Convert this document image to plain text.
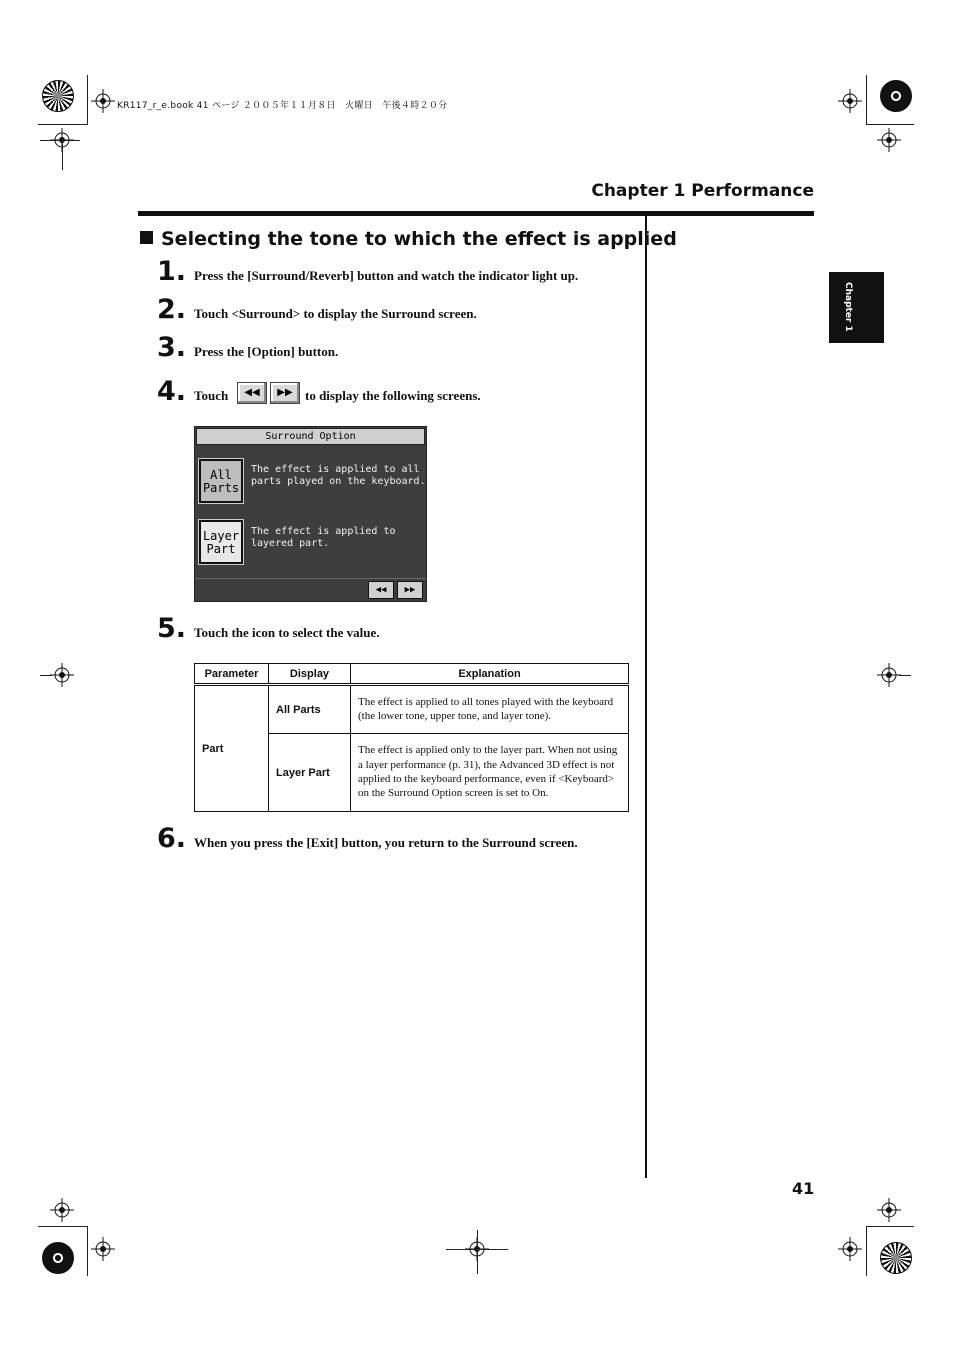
KR117_r_e.book 41 ページ ２００５年１１月８日　火曜日　午後４時２０分
Chapter 1 Performance
Chapter 1
Selecting the tone to which the effect is applied
1. Press the [Surround/Reverb] button and watch the indicator light up.
2. Touch <Surround> to display the Surround screen.
3. Press the [Option] button.
4. Touch	◀◀	▶▶ to display the following screens.
Surround Option
All
Parts
The effect is applied to all
parts played on the keyboard.
Layer
Part
The effect is applied to
layered part.
◀◀	▶▶
5. Touch the icon to select the value.
Parameter	Display	Explanation
Part	All Parts	The effect is applied to all tones played with the keyboard (the lower tone, upper tone, and layer tone).
	Layer Part	The effect is applied only to the layer part. When not using a layer performance (p. 31), the Advanced 3D effect is not applied to the keyboard performance, even if <Keyboard> on the Surround Option screen is set to On.
6. When you press the [Exit] button, you return to the Surround screen.
41
